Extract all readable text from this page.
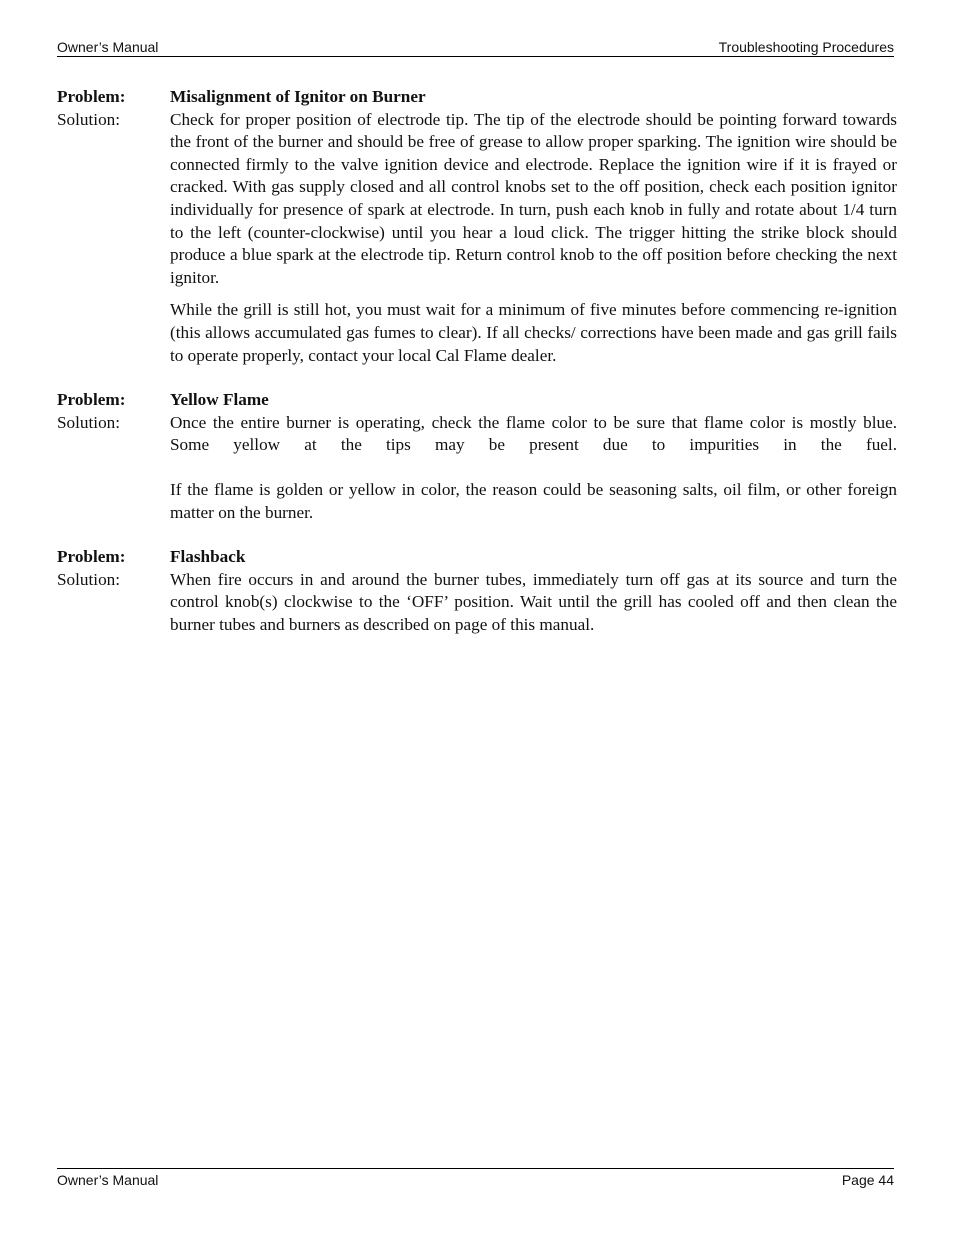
Owner’s Manual	Troubleshooting Procedures
Problem:	Misalignment of Ignitor on Burner
Solution:	Check for proper position of electrode tip. The tip of the electrode should be pointing forward towards the front of the burner and should be free of grease to allow proper sparking. The ignition wire should be connected firmly to the valve ignition device and electrode. Replace the ignition wire if it is frayed or cracked. With gas supply closed and all control knobs set to the off position, check each position ignitor individually for presence of spark at electrode. In turn, push each knob in fully and rotate about 1/4 turn to the left (counter-clockwise) until you hear a loud click. The trigger hitting the strike block should produce a blue spark at the electrode tip. Return control knob to the off position before checking the next ignitor.
While the grill is still hot, you must wait for a minimum of five minutes before commencing re-ignition (this allows accumulated gas fumes to clear). If all checks/ corrections have been made and gas grill fails to operate properly, contact your local Cal Flame dealer.
Problem:	Yellow Flame
Solution:	Once the entire burner is operating, check the flame color to be sure that flame color is mostly blue. Some yellow at the tips may be present due to impurities in the fuel.
If the flame is golden or yellow in color, the reason could be seasoning salts, oil film, or other foreign matter on the burner.
Problem:	Flashback
Solution:	When fire occurs in and around the burner tubes, immediately turn off gas at its source and turn the control knob(s) clockwise to the ‘OFF’ position. Wait until the grill has cooled off and then clean the burner tubes and burners as described on page of this manual.
Owner’s Manual	Page 44
